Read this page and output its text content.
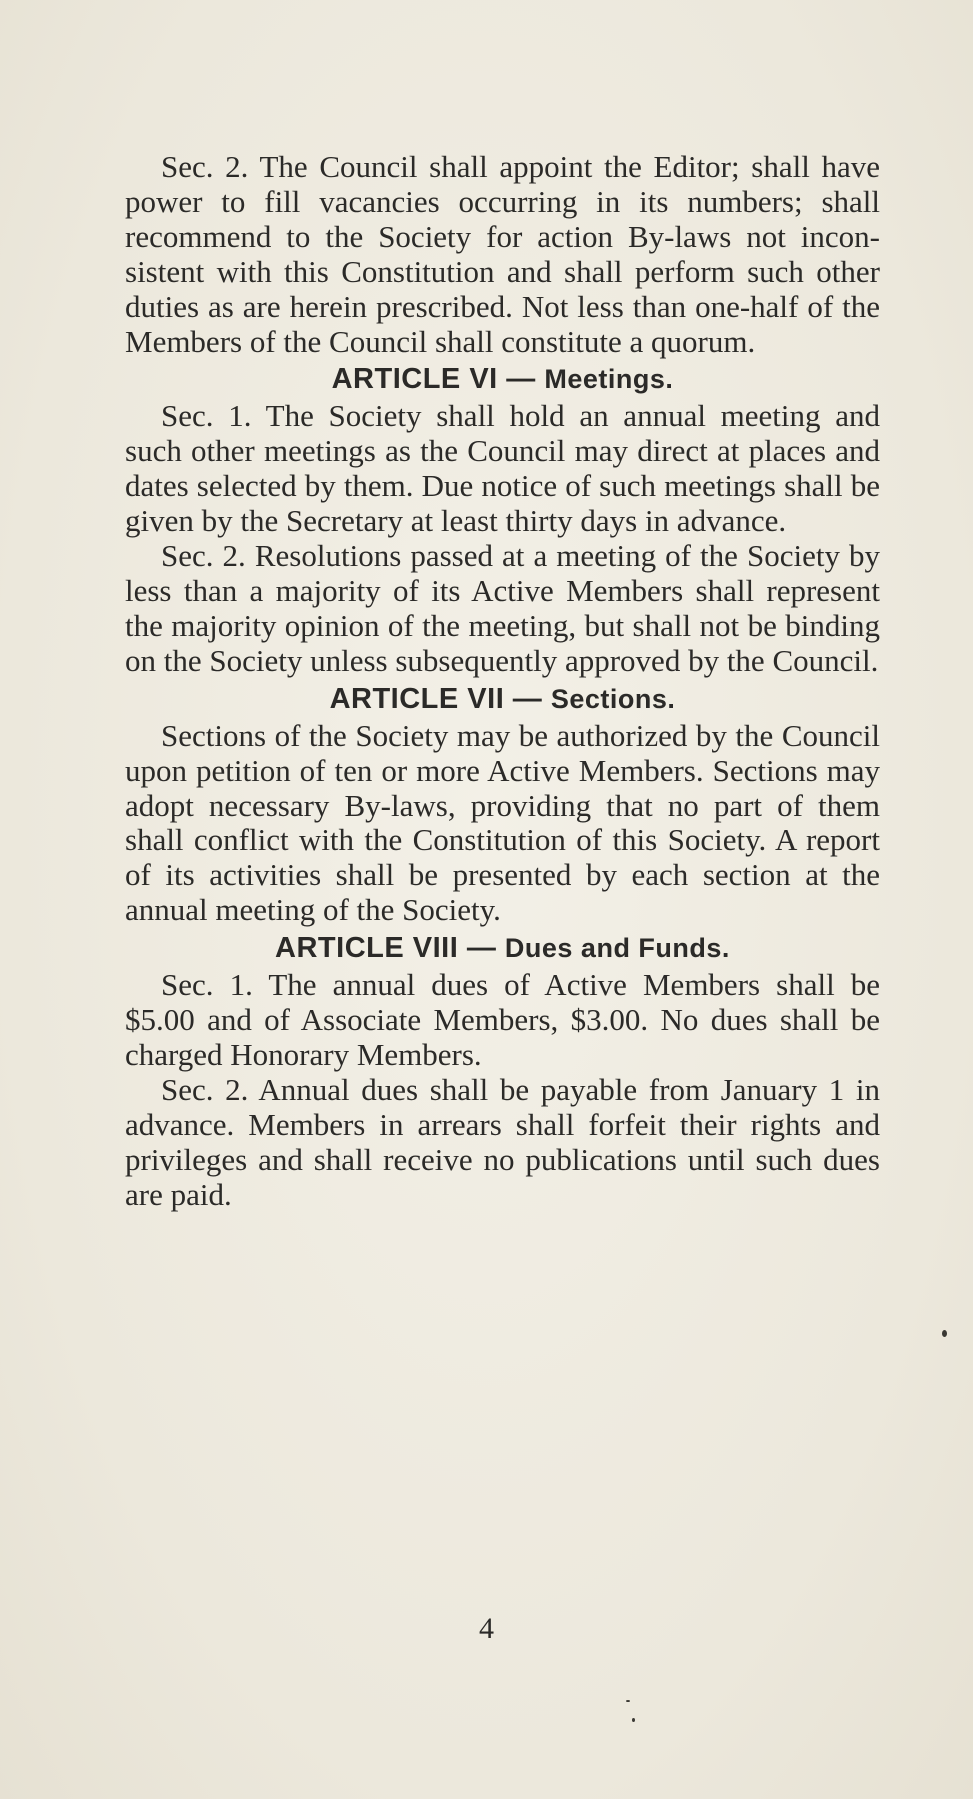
Sec. 2. The Council shall appoint the Editor; shall have power to fill vacancies occurring in its numbers; shall recommend to the Society for action By-laws not inconsistent with this Constitution and shall perform such other duties as are herein prescribed. Not less than one-half of the Members of the Council shall constitute a quorum.

ARTICLE VI — Meetings.

Sec. 1. The Society shall hold an annual meeting and such other meetings as the Council may direct at places and dates selected by them. Due notice of such meetings shall be given by the Secretary at least thirty days in advance.

Sec. 2. Resolutions passed at a meeting of the Society by less than a majority of its Active Members shall represent the majority opinion of the meeting, but shall not be binding on the Society unless subsequently approved by the Council.

ARTICLE VII — Sections.

Sections of the Society may be authorized by the Council upon petition of ten or more Active Members. Sections may adopt necessary By-laws, providing that no part of them shall conflict with the Constitution of this Society. A report of its activities shall be presented by each section at the annual meeting of the Society.

ARTICLE VIII — Dues and Funds.

Sec. 1. The annual dues of Active Members shall be $5.00 and of Associate Members, $3.00. No dues shall be charged Honorary Members.

Sec. 2. Annual dues shall be payable from January 1 in advance. Members in arrears shall forfeit their rights and privileges and shall receive no publications until such dues are paid.

4
